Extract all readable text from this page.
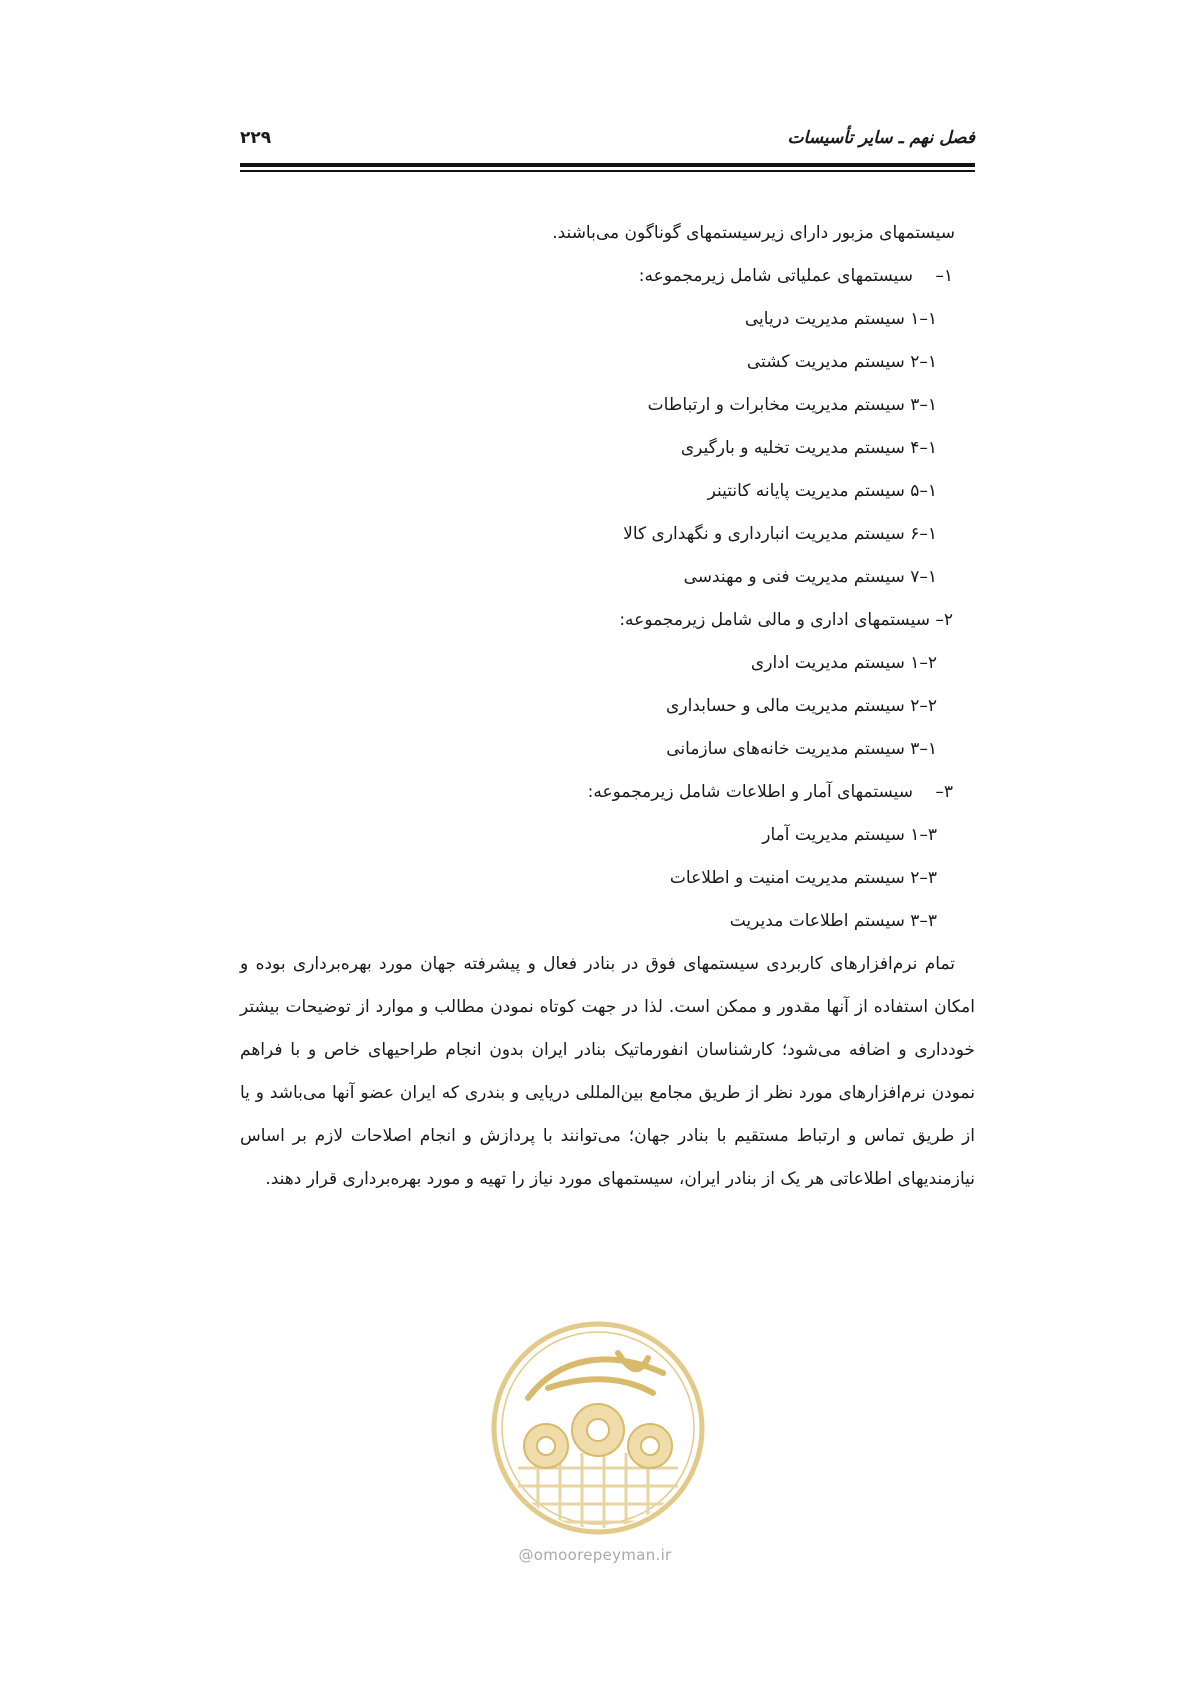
فصل نهم ـ سایر تأسیسات
۲۲۹
سیستمهای مزبور دارای زیرسیستمهای گوناگون می‌باشند.
۱–سیستمهای عملیاتی شامل زیرمجموعه:
۱–۱ سیستم مدیریت دریایی
۱–۲ سیستم مدیریت کشتی
۱–۳ سیستم مدیریت مخابرات و ارتباطات
۱–۴ سیستم مدیریت تخلیه و بارگیری
۱–۵ سیستم مدیریت پایانه کانتینر
۱–۶ سیستم مدیریت انبارداری و نگهداری کالا
۱–۷ سیستم مدیریت فنی و مهندسی
۲– سیستمهای اداری و مالی شامل زیرمجموعه:
۲–۱ سیستم مدیریت اداری
۲–۲ سیستم مدیریت مالی و حسابداری
۱–۳ سیستم مدیریت خانه‌های سازمانی
۳–سیستمهای آمار و اطلاعات شامل زیرمجموعه:
۳–۱ سیستم مدیریت آمار
۳–۲ سیستم مدیریت امنیت و اطلاعات
۳–۳ سیستم اطلاعات مدیریت

تمام نرم‌افزارهای کاربردی سیستمهای فوق در بنادر فعال و پیشرفته جهان مورد بهره‌برداری بوده و امکان استفاده از آنها مقدور و ممکن است. لذا در جهت کوتاه نمودن مطالب و موارد از توضیحات بیشتر خودداری و اضافه می‌شود؛ کارشناسان انفورماتیک بنادر ایران بدون انجام طراحیهای خاص و با فراهم نمودن نرم‌افزارهای مورد نظر از طریق مجامع بین‌المللی دریایی و بندری که ایران عضو آنها می‌باشد و یا از طریق تماس و ارتباط مستقیم با بنادر جهان؛ می‌توانند با پردازش و انجام اصلاحات لازم بر اساس نیازمندیهای اطلاعاتی هر یک از بنادر ایران، سیستمهای مورد نیاز را تهیه و مورد بهره‌برداری قرار دهند.

@omoorepeyman.ir
